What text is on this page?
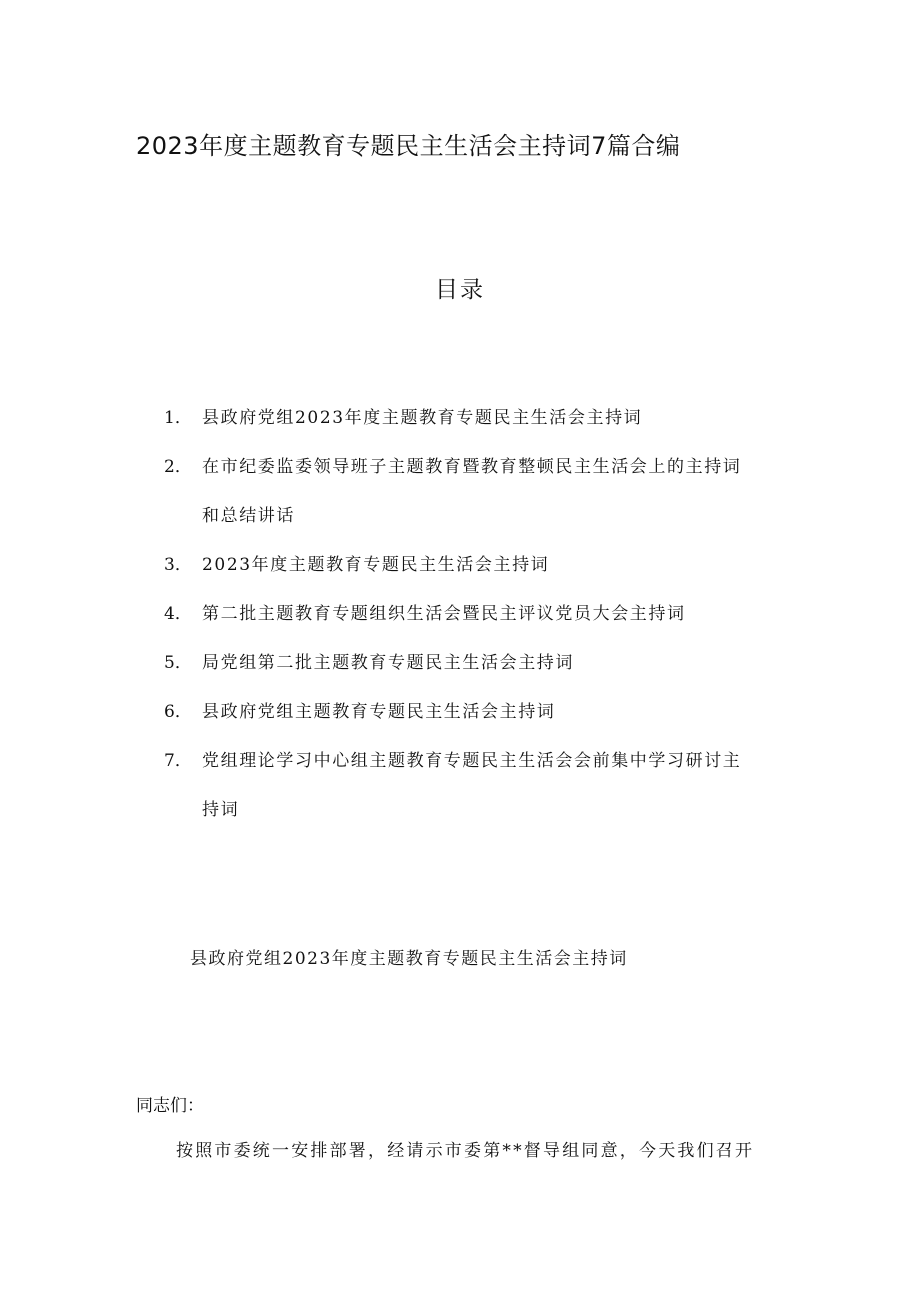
2023年度主题教育专题民主生活会主持词7篇合编
目录
1． 县政府党组2023年度主题教育专题民主生活会主持词
2． 在市纪委监委领导班子主题教育暨教育整顿民主生活会上的主持词
和总结讲话
3． 2023年度主题教育专题民主生活会主持词
4． 第二批主题教育专题组织生活会暨民主评议党员大会主持词
5． 局党组第二批主题教育专题民主生活会主持词
6． 县政府党组主题教育专题民主生活会主持词
7． 党组理论学习中心组主题教育专题民主生活会会前集中学习研讨主
持词
县政府党组2023年度主题教育专题民主生活会主持词
同志们：
按照市委统一安排部署，经请示市委第**督导组同意，今天我们召开
